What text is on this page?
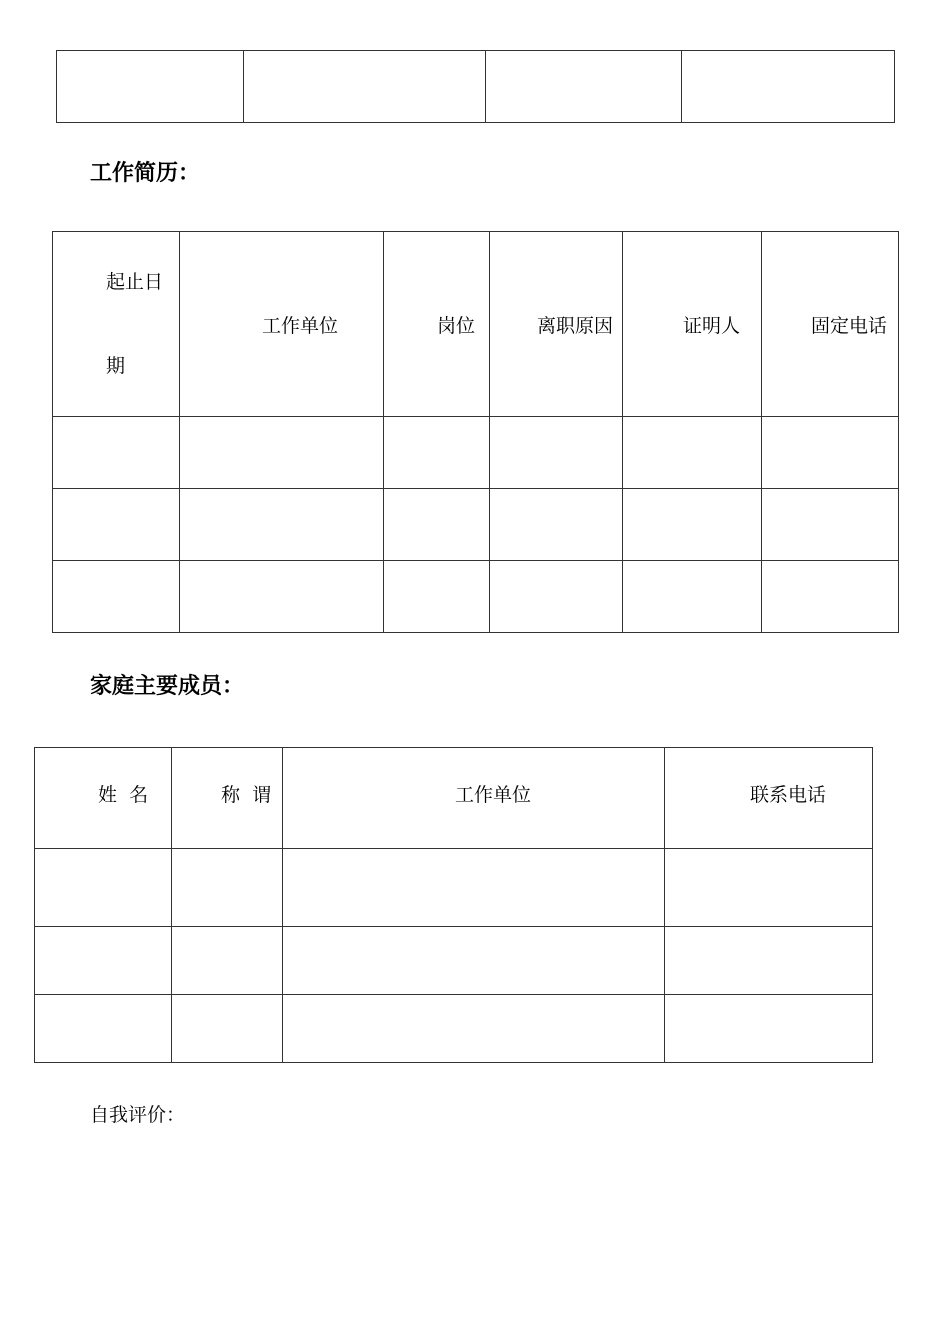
工作简历：
起止日
期	工作单位	岗位	离职原因	证明人	固定电话

家庭主要成员：
姓  名	称  谓	工作单位	联系电话

自我评价：
